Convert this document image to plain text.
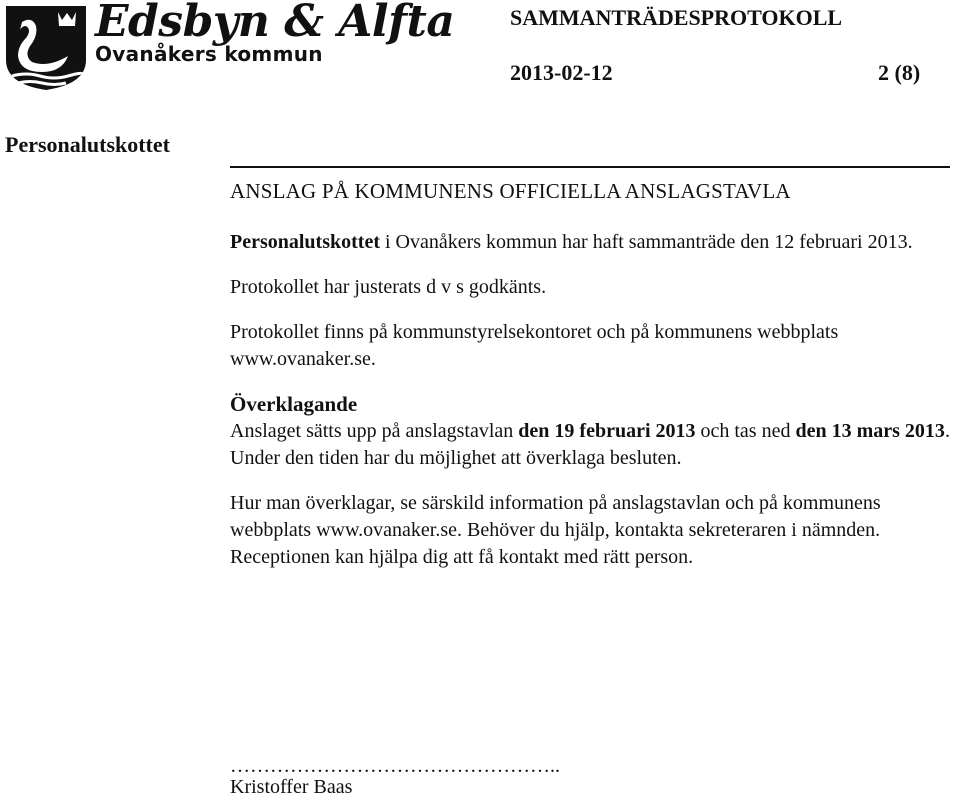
Edsbyn & Alfta
Ovanåkers kommun
SAMMANTRÄDESPROTOKOLL
2013-02-12	2 (8)
Personalutskottet
ANSLAG PÅ KOMMUNENS OFFICIELLA ANSLAGSTAVLA
Personalutskottet i Ovanåkers kommun har haft sammanträde den 12 februari 2013.
Protokollet har justerats d v s godkänts.
Protokollet finns på kommunstyrelsekontoret och på kommunens webbplats www.ovanaker.se.
Överklagande
Anslaget sätts upp på anslagstavlan den 19 februari 2013 och tas ned den 13 mars 2013. Under den tiden har du möjlighet att överklaga besluten.
Hur man överklagar, se särskild information på anslagstavlan och på kommunens webbplats www.ovanaker.se. Behöver du hjälp, kontakta sekreteraren i nämnden. Receptionen kan hjälpa dig att få kontakt med rätt person.
…………………………………………..
Kristoffer Baas
